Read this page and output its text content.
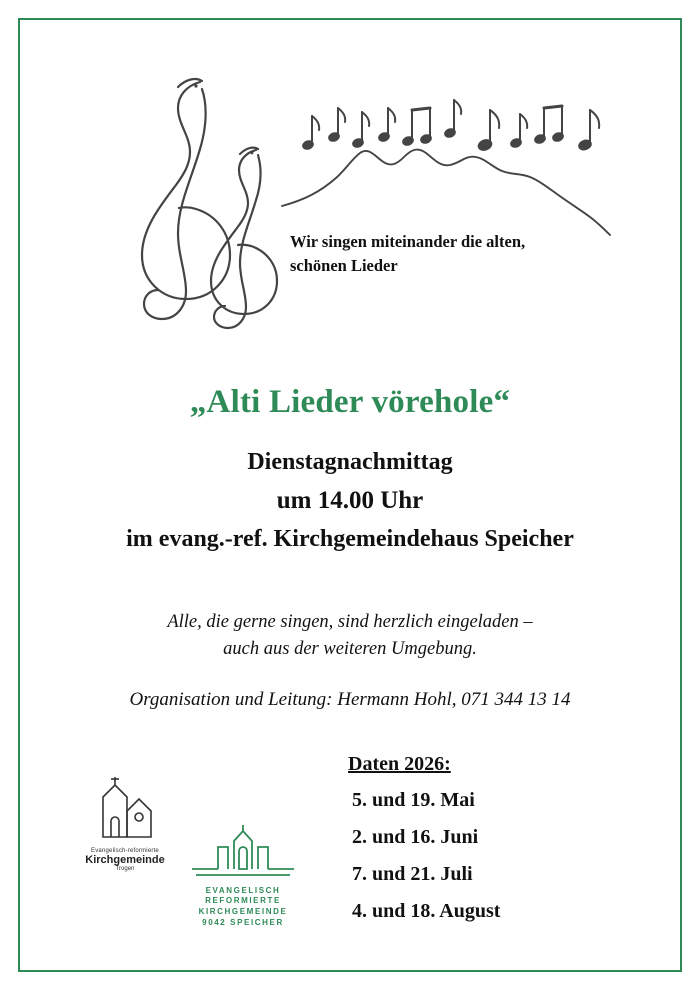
Wir singen miteinander die alten,
schönen Lieder
„Alti Lieder vörehole“
Dienstagnachmittag
um 14.00 Uhr
im evang.-ref. Kirchgemeindehaus Speicher
Alle, die gerne singen, sind herzlich eingeladen –
auch aus der weiteren Umgebung.
Organisation und Leitung: Hermann Hohl, 071 344 13 14
Evangelisch-reformierte
Kirchgemeinde
Trogen
EVANGELISCH
REFORMIERTE
KIRCHGEMEINDE
9042 SPEICHER
Daten 2026:
5. und 19. Mai
2. und 16. Juni
7. und 21. Juli
4. und 18. August
